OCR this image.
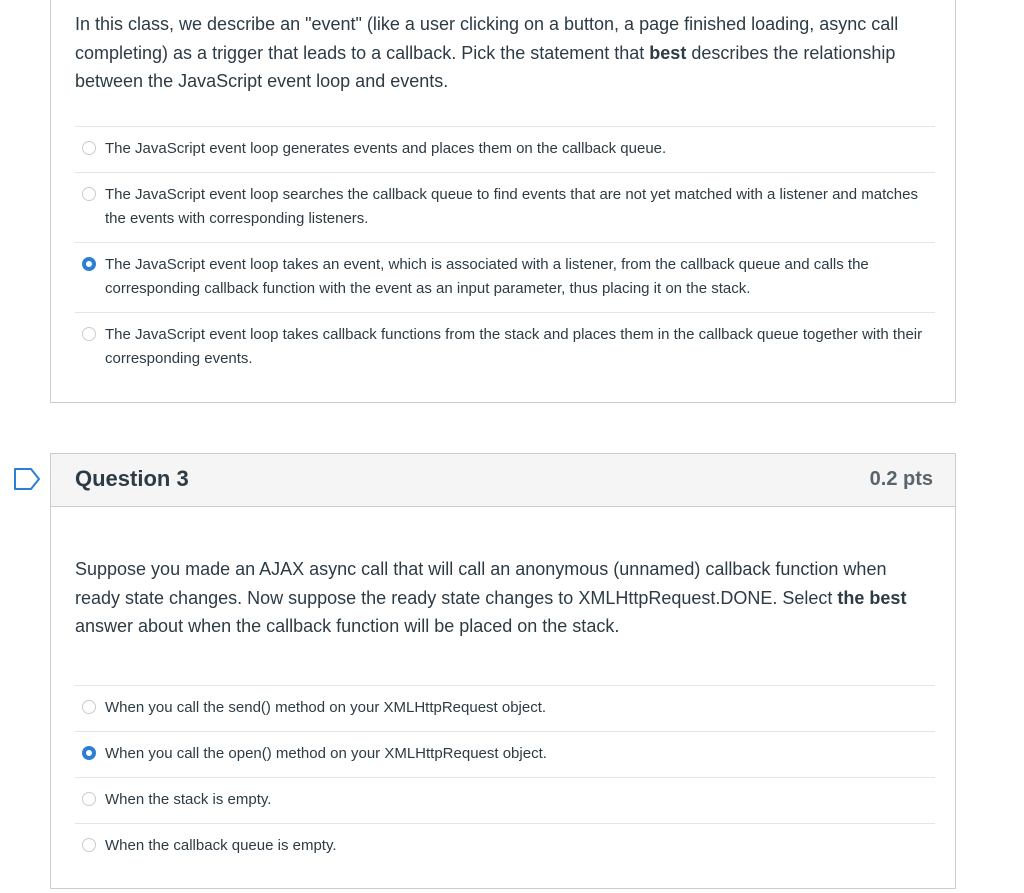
In this class, we describe an "event" (like a user clicking on a button, a page finished loading, async call completing) as a trigger that leads to a callback. Pick the statement that best describes the relationship between the JavaScript event loop and events.
The JavaScript event loop generates events and places them on the callback queue.
The JavaScript event loop searches the callback queue to find events that are not yet matched with a listener and matches the events with corresponding listeners.
The JavaScript event loop takes an event, which is associated with a listener, from the callback queue and calls the corresponding callback function with the event as an input parameter, thus placing it on the stack.
The JavaScript event loop takes callback functions from the stack and places them in the callback queue together with their corresponding events.
Question 3	0.2 pts
Suppose you made an AJAX async call that will call an anonymous (unnamed) callback function when ready state changes. Now suppose the ready state changes to XMLHttpRequest.DONE. Select the best answer about when the callback function will be placed on the stack.
When you call the send() method on your XMLHttpRequest object.
When you call the open() method on your XMLHttpRequest object.
When the stack is empty.
When the callback queue is empty.
